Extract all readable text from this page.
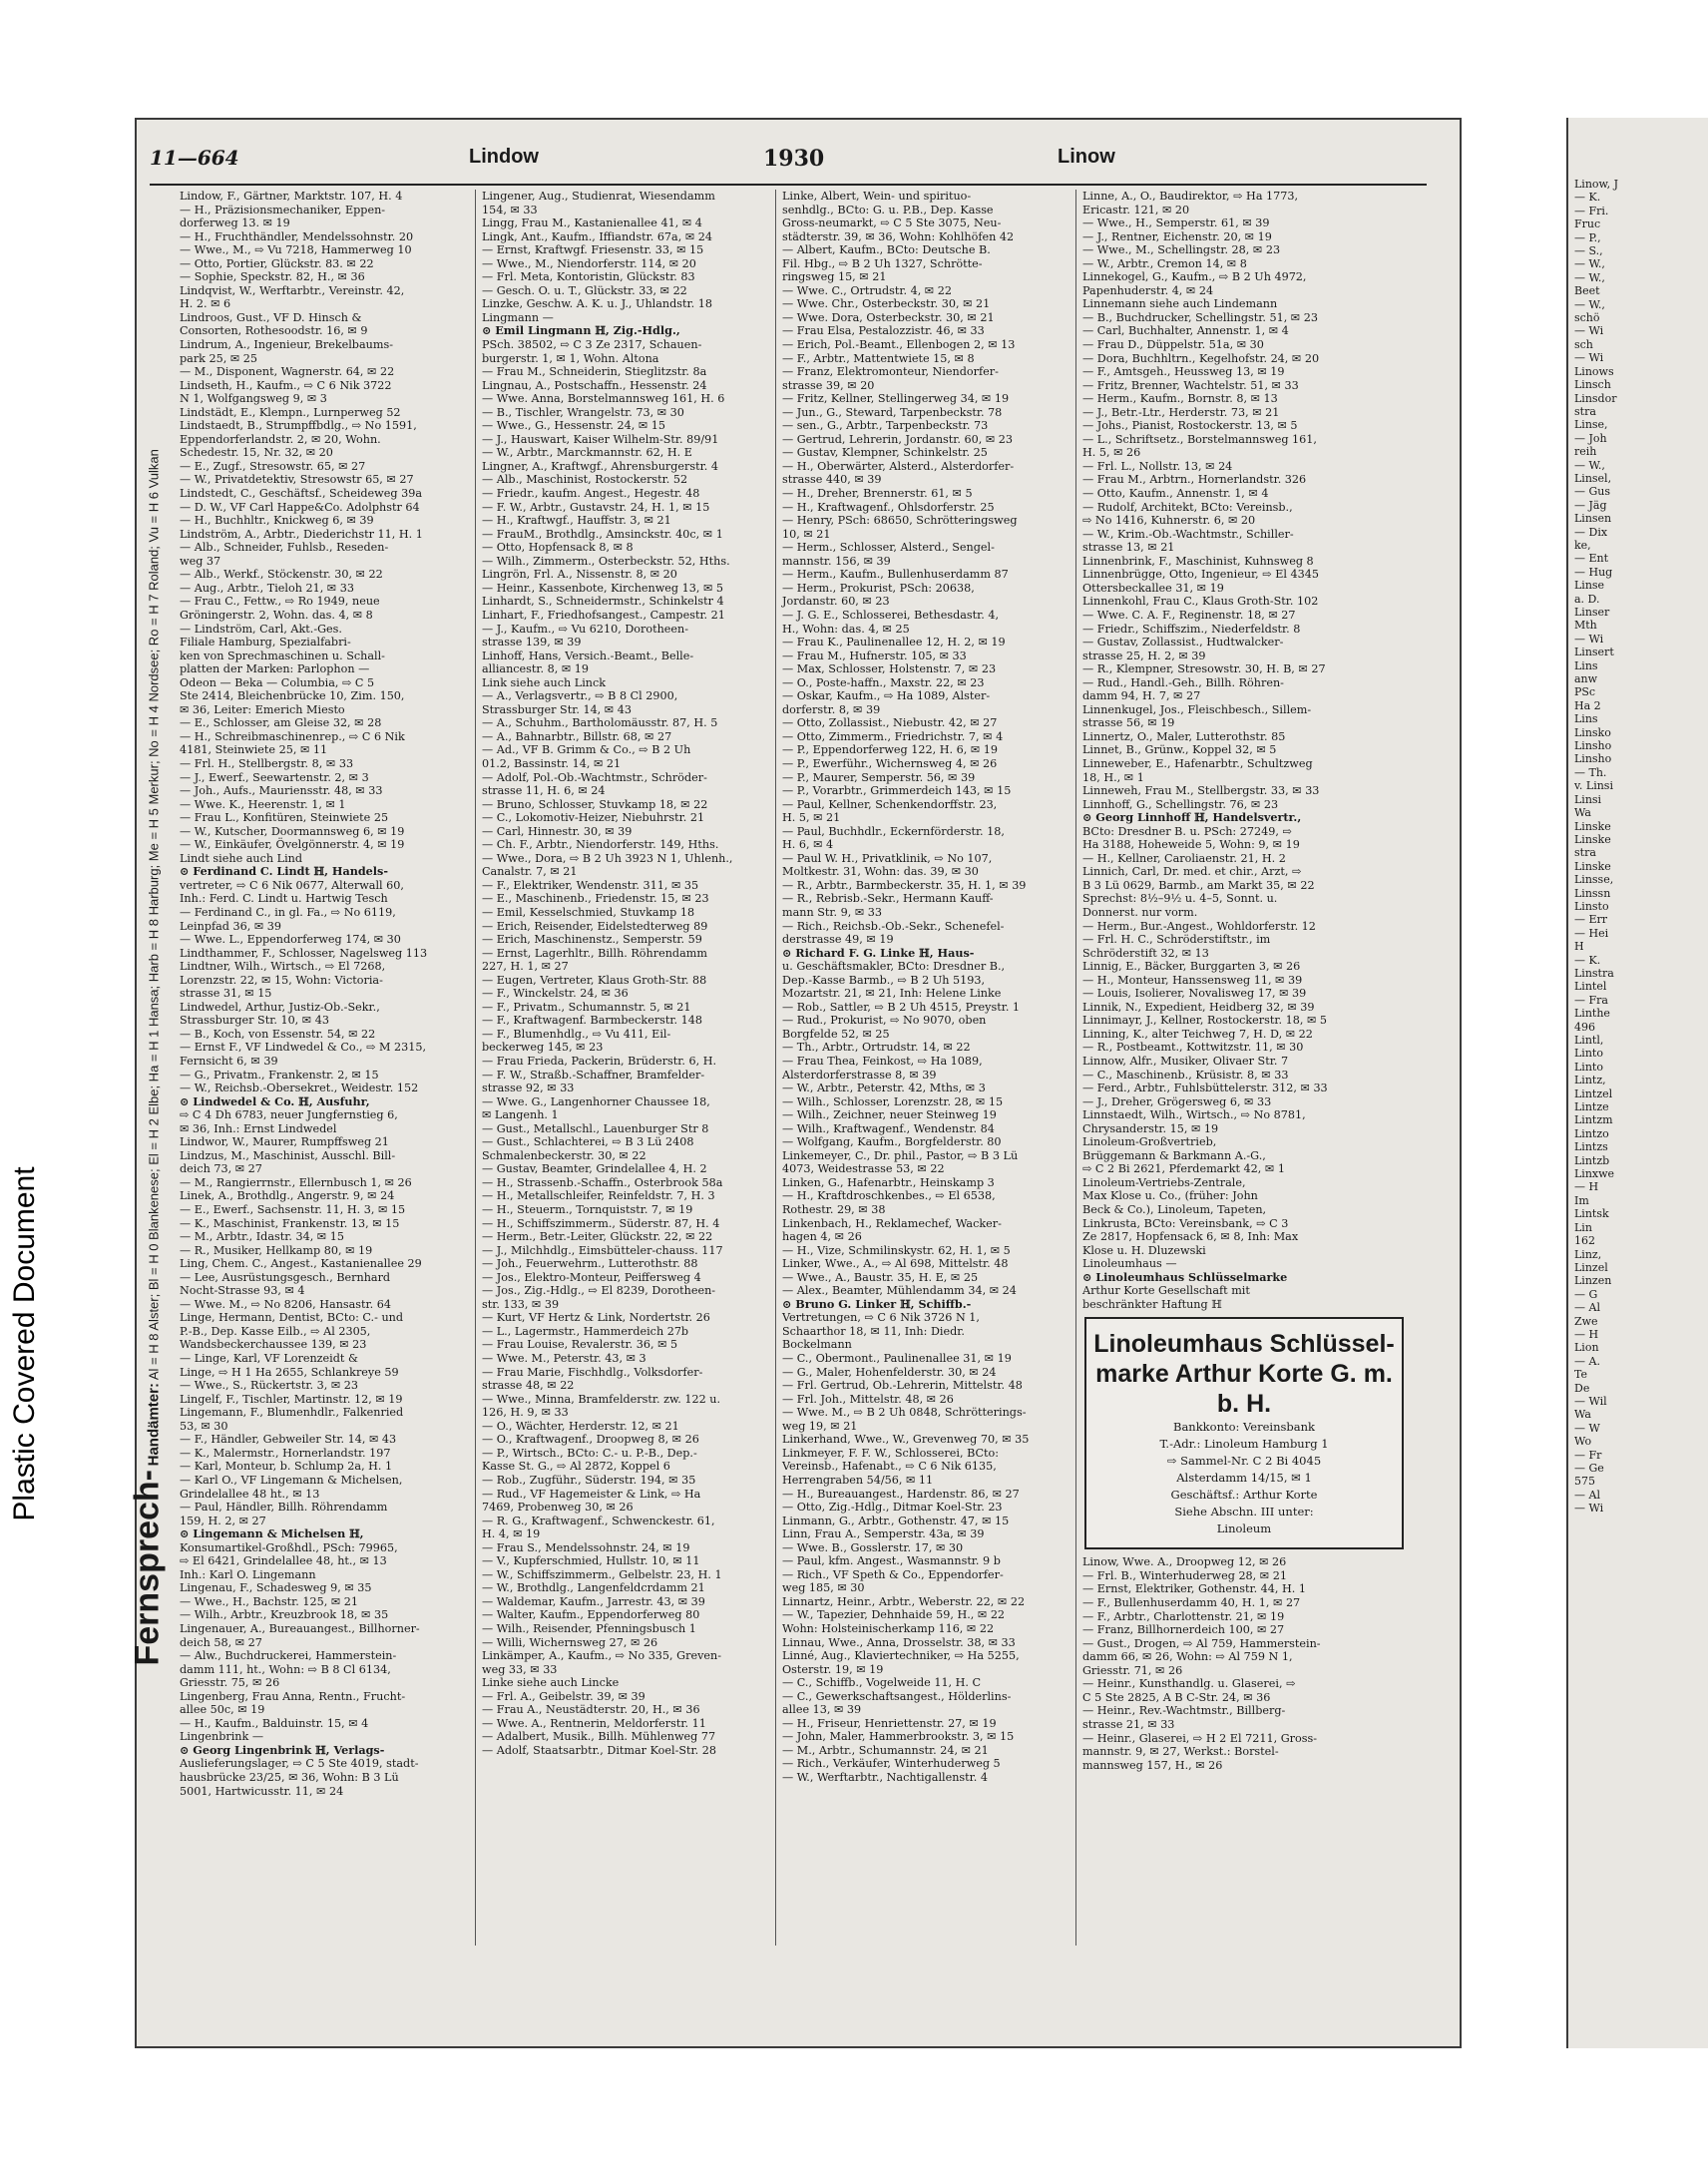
Linow, J
— K.
— Fri.
Fruc
— P.,
— S.,
— W.,
— W.,
Beet
— W.,
schö
— Wi
sch
— Wi
Linows
Linsch
Linsdor
stra
Linse,
— Joh
reih
— W.,
Linsel,
— Gus
— Jäg
Linsen
— Dix
ke,
— Ent
— Hug
Linse
a. D.
Linser
Mth
— Wi
Linsert
Lins
anw
PSc
Ha 2
Lins
Linsko
Linsho
Linsho
— Th.
v. Linsi
Linsi
Wa
Linske
Linske
stra
Linske
Linsse,
Linssn
Linsto
— Err
— Hei
H
— K.
Linstra
Lintel
— Fra
Linthe
496
Lintl,
Linto
Linto
Lintz,
Lintzel
Lintze
Lintzm
Lintzo
Lintzs
Lintzb
Linxwe
— H
Im
Lintsk
Lin
162
Linz,
Linzel
Linzen
— G
— Al
Zwe
— H
Lion
— A.
Te
De
— Wil
Wa
— W
Wo
— Fr
— Ge
575
— Al
— Wi
11—664	Lindow	1930	Linow
Fernsprech- Handämter: Al = H 8 Alster; Bl = H 0 Blankenese; El = H 2 Elbe; Ha = H 1 Hansa; Harb = H 8 Harburg; Me = H 5 Merkur; No = H 4 Nordsee; Ro = H 7 Roland; Vu = H 6 Vulkan
Lindow, F., Gärtner, Marktstr. 107, H. 4
— H., Präzisionsmechaniker, Eppen-
dorferweg 13. ✉ 19
— H., Fruchthändler, Mendelssohnstr. 20
— Wwe., M., ⇨ Vu 7218, Hammerweg 10
— Otto, Portier, Glückstr. 83. ✉ 22
— Sophie, Speckstr. 82, H., ✉ 36
Lindqvist, W., Werftarbtr., Vereinstr. 42,
H. 2. ✉ 6
Lindroos, Gust., VF D. Hinsch &
Consorten, Rothesoodstr. 16, ✉ 9
Lindrum, A., Ingenieur, Brekelbaums-
park 25, ✉ 25
— M., Disponent, Wagnerstr. 64, ✉ 22
Lindseth, H., Kaufm., ⇨ C 6 Nik 3722
N 1, Wolfgangsweg 9, ✉ 3
Lindstädt, E., Klempn., Lurnperweg 52
Lindstaedt, B., Strumpffbdlg., ⇨ No 1591,
Eppendorferlandstr. 2, ✉ 20, Wohn.
Schedestr. 15, Nr. 32, ✉ 20
— E., Zugf., Stresowstr. 65, ✉ 27
— W., Privatdetektiv, Stresowstr 65, ✉ 27
Lindstedt, C., Geschäftsf., Scheideweg 39a
— D. W., VF Carl Happe&Co. Adolphstr 64
— H., Buchhltr., Knickweg 6, ✉ 39
Lindström, A., Arbtr., Diederichstr 11, H. 1
— Alb., Schneider, Fuhlsb., Reseden-
weg 37
— Alb., Werkf., Stöckenstr. 30, ✉ 22
— Aug., Arbtr., Tieloh 21, ✉ 33
— Frau C., Fettw., ⇨ Ro 1949, neue
Gröningerstr. 2, Wohn. das. 4, ✉ 8
— Lindström, Carl, Akt.-Ges.
Filiale Hamburg, Spezialfabri-
ken von Sprechmaschinen u. Schall-
platten der Marken: Parlophon —
Odeon — Beka — Columbia, ⇨ C 5
Ste 2414, Bleichenbrücke 10, Zim. 150,
✉ 36, Leiter: Emerich Miesto
— E., Schlosser, am Gleise 32, ✉ 28
— H., Schreibmaschinenrep., ⇨ C 6 Nik
4181, Steinwiete 25, ✉ 11
— Frl. H., Stellbergstr. 8, ✉ 33
— J., Ewerf., Seewartenstr. 2, ✉ 3
— Joh., Aufs., Mauriensstr. 48, ✉ 33
— Wwe. K., Heerenstr. 1, ✉ 1
— Frau L., Konfitüren, Steinwiete 25
— W., Kutscher, Doormannsweg 6, ✉ 19
— W., Einkäufer, Övelgönnerstr. 4, ✉ 19
Lindt siehe auch Lind
⊙ Ferdinand C. Lindt ℍ, Handels-
vertreter, ⇨ C 6 Nik 0677, Alterwall 60,
Inh.: Ferd. C. Lindt u. Hartwig Tesch
— Ferdinand C., in gl. Fa., ⇨ No 6119,
Leinpfad 36, ✉ 39
— Wwe. L., Eppendorferweg 174, ✉ 30
Lindthammer, F., Schlosser, Nagelsweg 113
Lindtner, Wilh., Wirtsch., ⇨ El 7268,
Lorenzstr. 22, ✉ 15, Wohn: Victoria-
strasse 31, ✉ 15
Lindwedel, Arthur, Justiz-Ob.-Sekr.,
Strassburger Str. 10, ✉ 43
— B., Koch, von Essenstr. 54, ✉ 22
— Ernst F., VF Lindwedel & Co., ⇨ M 2315,
Fernsicht 6, ✉ 39
— G., Privatm., Frankenstr. 2, ✉ 15
— W., Reichsb.-Obersekret., Weidestr. 152
⊙ Lindwedel & Co. ℍ, Ausfuhr,
⇨ C 4 Dh 6783, neuer Jungfernstieg 6,
✉ 36, Inh.: Ernst Lindwedel
Lindwor, W., Maurer, Rumpffsweg 21
Lindzus, M., Maschinist, Ausschl. Bill-
deich 73, ✉ 27
— M., Rangierrnstr., Ellernbusch 1, ✉ 26
Linek, A., Brothdlg., Angerstr. 9, ✉ 24
— E., Ewerf., Sachsenstr. 11, H. 3, ✉ 15
— K., Maschinist, Frankenstr. 13, ✉ 15
— M., Arbtr., Idastr. 34, ✉ 15
— R., Musiker, Hellkamp 80, ✉ 19
Ling, Chem. C., Angest., Kastanienallee 29
— Lee, Ausrüstungsgesch., Bernhard
Nocht-Strasse 93, ✉ 4
— Wwe. M., ⇨ No 8206, Hansastr. 64
Linge, Hermann, Dentist, BCto: C.- und
P.-B., Dep. Kasse Eilb., ⇨ Al 2305,
Wandsbeckerchaussee 139, ✉ 23
— Linge, Karl, VF Lorenzeidt &
Linge, ⇨ H 1 Ha 2655, Schlankreye 59
— Wwe., S., Rückertstr. 3, ✉ 23
Lingelf, F., Tischler, Martinstr. 12, ✉ 19
Lingemann, F., Blumenhdlr., Falkenried
53, ✉ 30
— F., Händler, Gebweiler Str. 14, ✉ 43
— K., Malermstr., Hornerlandstr. 197
— Karl, Monteur, b. Schlump 2a, H. 1
— Karl O., VF Lingemann & Michelsen,
Grindelallee 48 ht., ✉ 13
— Paul, Händler, Billh. Röhrendamm
159, H. 2, ✉ 27
⊙ Lingemann & Michelsen ℍ,
Konsumartikel-Großhdl., PSch: 79965,
⇨ El 6421, Grindelallee 48, ht., ✉ 13
Inh.: Karl O. Lingemann
Lingenau, F., Schadesweg 9, ✉ 35
— Wwe., H., Bachstr. 125, ✉ 21
— Wilh., Arbtr., Kreuzbrook 18, ✉ 35
Lingenauer, A., Bureauangest., Billhorner-
deich 58, ✉ 27
— Alw., Buchdruckerei, Hammerstein-
damm 111, ht., Wohn: ⇨ B 8 Cl 6134,
Griesstr. 75, ✉ 26
Lingenberg, Frau Anna, Rentn., Frucht-
allee 50c, ✉ 19
— H., Kaufm., Balduinstr. 15, ✉ 4
Lingenbrink —
⊙ Georg Lingenbrink ℍ, Verlags-
Auslieferungslager, ⇨ C 5 Ste 4019, stadt-
hausbrücke 23/25, ✉ 36, Wohn: B 3 Lü
5001, Hartwicusstr. 11, ✉ 24
Lingener, Aug., Studienrat, Wiesendamm
154, ✉ 33
Lingg, Frau M., Kastanienallee 41, ✉ 4
Lingk, Ant., Kaufm., Iffiandstr. 67a, ✉ 24
— Ernst, Kraftwgf. Friesenstr. 33, ✉ 15
— Wwe., M., Niendorferstr. 114, ✉ 20
— Frl. Meta, Kontoristin, Glückstr. 83
— Gesch. O. u. T., Glückstr. 33, ✉ 22
Linzke, Geschw. A. K. u. J., Uhlandstr. 18
Lingmann —
⊙ Emil Lingmann ℍ, Zig.-Hdlg.,
PSch. 38502, ⇨ C 3 Ze 2317, Schauen-
burgerstr. 1, ✉ 1, Wohn. Altona
— Frau M., Schneiderin, Stieglitzstr. 8a
Lingnau, A., Postschaffn., Hessenstr. 24
— Wwe. Anna, Borstelmannsweg 161, H. 6
— B., Tischler, Wrangelstr. 73, ✉ 30
— Wwe., G., Hessenstr. 24, ✉ 15
— J., Hauswart, Kaiser Wilhelm-Str. 89/91
— W., Arbtr., Marckmannstr. 62, H. E
Lingner, A., Kraftwgf., Ahrensburgerstr. 4
— Alb., Maschinist, Rostockerstr. 52
— Friedr., kaufm. Angest., Hegestr. 48
— F. W., Arbtr., Gustavstr. 24, H. 1, ✉ 15
— H., Kraftwgf., Hauffstr. 3, ✉ 21
— FrauM., Brothdlg., Amsinckstr. 40c, ✉ 1
— Otto, Hopfensack 8, ✉ 8
— Wilh., Zimmerm., Osterbeckstr. 52, Hths.
Lingrön, Frl. A., Nissenstr. 8, ✉ 20
— Heinr., Kassenbote, Kirchenweg 13, ✉ 5
Linhardt, S., Schneidermstr., Schinkelstr 4
Linhart, F., Friedhofsangest., Campestr. 21
— J., Kaufm., ⇨ Vu 6210, Dorotheen-
strasse 139, ✉ 39
Linhoff, Hans, Versich.-Beamt., Belle-
alliancestr. 8, ✉ 19
Link siehe auch Linck
— A., Verlagsvertr., ⇨ B 8 Cl 2900,
Strassburger Str. 14, ✉ 43
— A., Schuhm., Bartholomäusstr. 87, H. 5
— A., Bahnarbtr., Billstr. 68, ✉ 27
— Ad., VF B. Grimm & Co., ⇨ B 2 Uh
01.2, Bassinstr. 14, ✉ 21
— Adolf, Pol.-Ob.-Wachtmstr., Schröder-
strasse 11, H. 6, ✉ 24
— Bruno, Schlosser, Stuvkamp 18, ✉ 22
— C., Lokomotiv-Heizer, Niebuhrstr. 21
— Carl, Hinnestr. 30, ✉ 39
— Ch. F., Arbtr., Niendorferstr. 149, Hths.
— Wwe., Dora, ⇨ B 2 Uh 3923 N 1, Uhlenh.,
Canalstr. 7, ✉ 21
— F., Elektriker, Wendenstr. 311, ✉ 35
— E., Maschinenb., Friedenstr. 15, ✉ 23
— Emil, Kesselschmied, Stuvkamp 18
— Erich, Reisender, Eidelstedterweg 89
— Erich, Maschinenstz., Semperstr. 59
— Ernst, Lagerhltr., Billh. Röhrendamm
227, H. 1, ✉ 27
— Eugen, Vertreter, Klaus Groth-Str. 88
— F., Winckelstr. 24, ✉ 36
— F., Privatm., Schumannstr. 5, ✉ 21
— F., Kraftwagenf. Barmbeckerstr. 148
— F., Blumenhdlg., ⇨ Vu 411, Eil-
beckerweg 145, ✉ 23
— Frau Frieda, Packerin, Brüderstr. 6, H.
— F. W., Straßb.-Schaffner, Bramfelder-
strasse 92, ✉ 33
— Wwe. G., Langenhorner Chaussee 18,
✉ Langenh. 1
— Gust., Metallschl., Lauenburger Str 8
— Gust., Schlachterei, ⇨ B 3 Lü 2408
Schmalenbeckerstr. 30, ✉ 22
— Gustav, Beamter, Grindelallee 4, H. 2
— H., Strassenb.-Schaffn., Osterbrook 58a
— H., Metallschleifer, Reinfeldstr. 7, H. 3
— H., Steuerm., Tornquiststr. 7, ✉ 19
— H., Schiffszimmerm., Süderstr. 87, H. 4
— Herm., Betr.-Leiter, Glückstr. 22, ✉ 22
— J., Milchhdlg., Eimsbütteler-chauss. 117
— Joh., Feuerwehrm., Lutterothstr. 88
— Jos., Elektro-Monteur, Peiffersweg 4
— Jos., Zig.-Hdlg., ⇨ El 8239, Dorotheen-
str. 133, ✉ 39
— Kurt, VF Hertz & Link, Nordertstr. 26
— L., Lagermstr., Hammerdeich 27b
— Frau Louise, Revalerstr. 36, ✉ 5
— Wwe. M., Peterstr. 43, ✉ 3
— Frau Marie, Fischhdlg., Volksdorfer-
strasse 48, ✉ 22
— Wwe., Minna, Bramfelderstr. zw. 122 u.
126, H. 9, ✉ 33
— O., Wächter, Herderstr. 12, ✉ 21
— O., Kraftwagenf., Droopweg 8, ✉ 26
— P., Wirtsch., BCto: C.- u. P.-B., Dep.-
Kasse St. G., ⇨ Al 2872, Koppel 6
— Rob., Zugführ., Süderstr. 194, ✉ 35
— Rud., VF Hagemeister & Link, ⇨ Ha
7469, Probenweg 30, ✉ 26
— R. G., Kraftwagenf., Schwenckestr. 61,
H. 4, ✉ 19
— Frau S., Mendelssohnstr. 24, ✉ 19
— V., Kupferschmied, Hullstr. 10, ✉ 11
— W., Schiffszimmerm., Gelbelstr. 23, H. 1
— W., Brothdlg., Langenfeldcrdamm 21
— Waldemar, Kaufm., Jarrestr. 43, ✉ 39
— Walter, Kaufm., Eppendorferweg 80
— Wilh., Reisender, Pfenningsbusch 1
— Willi, Wichernsweg 27, ✉ 26
Linkämper, A., Kaufm., ⇨ No 335, Greven-
weg 33, ✉ 33
Linke siehe auch Lincke
— Frl. A., Geibelstr. 39, ✉ 39
— Frau A., Neustädterstr. 20, H., ✉ 36
— Wwe. A., Rentnerin, Meldorferstr. 11
— Adalbert, Musik., Billh. Mühlenweg 77
— Adolf, Staatsarbtr., Ditmar Koel-Str. 28
Linke, Albert, Wein- und spirituo-
senhdlg., BCto: G. u. P.B., Dep. Kasse
Gross-neumarkt, ⇨ C 5 Ste 3075, Neu-
städterstr. 39, ✉ 36, Wohn: Kohlhöfen 42
— Albert, Kaufm., BCto: Deutsche B.
Fil. Hbg., ⇨ B 2 Uh 1327, Schrötte-
ringsweg 15, ✉ 21
— Wwe. C., Ortrudstr. 4, ✉ 22
— Wwe. Chr., Osterbeckstr. 30, ✉ 21
— Wwe. Dora, Osterbeckstr. 30, ✉ 21
— Frau Elsa, Pestalozzistr. 46, ✉ 33
— Erich, Pol.-Beamt., Ellenbogen 2, ✉ 13
— F., Arbtr., Mattentwiete 15, ✉ 8
— Franz, Elektromonteur, Niendorfer-
strasse 39, ✉ 20
— Fritz, Kellner, Stellingerweg 34, ✉ 19
— Jun., G., Steward, Tarpenbeckstr. 78
— sen., G., Arbtr., Tarpenbeckstr. 73
— Gertrud, Lehrerin, Jordanstr. 60, ✉ 23
— Gustav, Klempner, Schinkelstr. 25
— H., Oberwärter, Alsterd., Alsterdorfer-
strasse 440, ✉ 39
— H., Dreher, Brennerstr. 61, ✉ 5
— H., Kraftwagenf., Ohlsdorferstr. 25
— Henry, PSch: 68650, Schrötteringsweg
10, ✉ 21
— Herm., Schlosser, Alsterd., Sengel-
mannstr. 156, ✉ 39
— Herm., Kaufm., Bullenhuserdamm 87
— Herm., Prokurist, PSch: 20638,
Jordanstr. 60, ✉ 23
— J. G. E., Schlosserei, Bethesdastr. 4,
H., Wohn: das. 4, ✉ 25
— Frau K., Paulinenallee 12, H. 2, ✉ 19
— Frau M., Hufnerstr. 105, ✉ 33
— Max, Schlosser, Holstenstr. 7, ✉ 23
— O., Poste-haffn., Maxstr. 22, ✉ 23
— Oskar, Kaufm., ⇨ Ha 1089, Alster-
dorferstr. 8, ✉ 39
— Otto, Zollassist., Niebustr. 42, ✉ 27
— Otto, Zimmerm., Friedrichstr. 7, ✉ 4
— P., Eppendorferweg 122, H. 6, ✉ 19
— P., Ewerführ., Wichernsweg 4, ✉ 26
— P., Maurer, Semperstr. 56, ✉ 39
— P., Vorarbtr., Grimmerdeich 143, ✉ 15
— Paul, Kellner, Schenkendorffstr. 23,
H. 5, ✉ 21
— Paul, Buchhdlr., Eckernförderstr. 18,
H. 6, ✉ 4
— Paul W. H., Privatklinik, ⇨ No 107,
Moltkestr. 31, Wohn: das. 39, ✉ 30
— R., Arbtr., Barmbeckerstr. 35, H. 1, ✉ 39
— R., Rebrisb.-Sekr., Hermann Kauff-
mann Str. 9, ✉ 33
— Rich., Reichsb.-Ob.-Sekr., Schenefel-
derstrasse 49, ✉ 19
⊙ Richard F. G. Linke ℍ, Haus-
u. Geschäftsmakler, BCto: Dresdner B.,
Dep.-Kasse Barmb., ⇨ B 2 Uh 5193,
Mozartstr. 21, ✉ 21, Inh: Helene Linke
— Rob., Sattler, ⇨ B 2 Uh 4515, Preystr. 1
— Rud., Prokurist, ⇨ No 9070, oben
Borgfelde 52, ✉ 25
— Th., Arbtr., Ortrudstr. 14, ✉ 22
— Frau Thea, Feinkost, ⇨ Ha 1089,
Alsterdorferstrasse 8, ✉ 39
— W., Arbtr., Peterstr. 42, Mths, ✉ 3
— Wilh., Schlosser, Lorenzstr. 28, ✉ 15
— Wilh., Zeichner, neuer Steinweg 19
— Wilh., Kraftwagenf., Wendenstr. 84
— Wolfgang, Kaufm., Borgfelderstr. 80
Linkemeyer, C., Dr. phil., Pastor, ⇨ B 3 Lü
4073, Weidestrasse 53, ✉ 22
Linken, G., Hafenarbtr., Heinskamp 3
— H., Kraftdroschkenbes., ⇨ El 6538,
Rothestr. 29, ✉ 38
Linkenbach, H., Reklamechef, Wacker-
hagen 4, ✉ 26
— H., Vize, Schmilinskystr. 62, H. 1, ✉ 5
Linker, Wwe., A., ⇨ Al 698, Mittelstr. 48
— Wwe., A., Baustr. 35, H. E, ✉ 25
— Alex., Beamter, Mühlendamm 34, ✉ 24
⊙ Bruno G. Linker ℍ, Schiffb.-
Vertretungen, ⇨ C 6 Nik 3726 N 1,
Schaarthor 18, ✉ 11, Inh: Diedr.
Bockelmann
— C., Obermont., Paulinenallee 31, ✉ 19
— G., Maler, Hohenfelderstr. 30, ✉ 24
— Frl. Gertrud, Ob.-Lehrerin, Mittelstr. 48
— Frl. Joh., Mittelstr. 48, ✉ 26
— Wwe. M., ⇨ B 2 Uh 0848, Schrötterings-
weg 19, ✉ 21
Linkerhand, Wwe., W., Grevenweg 70, ✉ 35
Linkmeyer, F. F. W., Schlosserei, BCto:
Vereinsb., Hafenabt., ⇨ C 6 Nik 6135,
Herrengraben 54/56, ✉ 11
— H., Bureauangest., Hardenstr. 86, ✉ 27
— Otto, Zig.-Hdlg., Ditmar Koel-Str. 23
Linmann, G., Arbtr., Gothenstr. 47, ✉ 15
Linn, Frau A., Semperstr. 43a, ✉ 39
— Wwe. B., Gosslerstr. 17, ✉ 30
— Paul, kfm. Angest., Wasmannstr. 9 b
— Rich., VF Speth & Co., Eppendorfer-
weg 185, ✉ 30
Linnartz, Heinr., Arbtr., Weberstr. 22, ✉ 22
— W., Tapezier, Dehnhaide 59, H., ✉ 22
Wohn: Holsteinischerkamp 116, ✉ 22
Linnau, Wwe., Anna, Drosselstr. 38, ✉ 33
Linné, Aug., Klaviertechniker, ⇨ Ha 5255,
Osterstr. 19, ✉ 19
— C., Schiffb., Vogelweide 11, H. C
— C., Gewerkschaftsangest., Hölderlins-
allee 13, ✉ 39
— H., Friseur, Henriettenstr. 27, ✉ 19
— John, Maler, Hammerbrookstr. 3, ✉ 15
— M., Arbtr., Schumannstr. 24, ✉ 21
— Rich., Verkäufer, Winterhuderweg 5
— W., Werftarbtr., Nachtigallenstr. 4
Linne, A., O., Baudirektor, ⇨ Ha 1773,
Ericastr. 121, ✉ 20
— Wwe., H., Semperstr. 61, ✉ 39
— J., Rentner, Eichenstr. 20, ✉ 19
— Wwe., M., Schellingstr. 28, ✉ 23
— W., Arbtr., Cremon 14, ✉ 8
Linnekogel, G., Kaufm., ⇨ B 2 Uh 4972,
Papenhuderstr. 4, ✉ 24
Linnemann siehe auch Lindemann
— B., Buchdrucker, Schellingstr. 51, ✉ 23
— Carl, Buchhalter, Annenstr. 1, ✉ 4
— Frau D., Düppelstr. 51a, ✉ 30
— Dora, Buchhltrn., Kegelhofstr. 24, ✉ 20
— F., Amtsgeh., Heussweg 13, ✉ 19
— Fritz, Brenner, Wachtelstr. 51, ✉ 33
— Herm., Kaufm., Bornstr. 8, ✉ 13
— J., Betr.-Ltr., Herderstr. 73, ✉ 21
— Johs., Pianist, Rostockerstr. 13, ✉ 5
— L., Schriftsetz., Borstelmannsweg 161,
H. 5, ✉ 26
— Frl. L., Nollstr. 13, ✉ 24
— Frau M., Arbtrn., Hornerlandstr. 326
— Otto, Kaufm., Annenstr. 1, ✉ 4
— Rudolf, Architekt, BCto: Vereinsb.,
⇨ No 1416, Kuhnerstr. 6, ✉ 20
— W., Krim.-Ob.-Wachtmstr., Schiller-
strasse 13, ✉ 21
Linnenbrink, F., Maschinist, Kuhnsweg 8
Linnenbrügge, Otto, Ingenieur, ⇨ El 4345
Ottersbeckallee 31, ✉ 19
Linnenkohl, Frau C., Klaus Groth-Str. 102
— Wwe. C. A. F., Reginenstr. 18, ✉ 27
— Friedr., Schiffszim., Niederfeldstr. 8
— Gustav, Zollassist., Hudtwalcker-
strasse 25, H. 2, ✉ 39
— R., Klempner, Stresowstr. 30, H. B, ✉ 27
— Rud., Handl.-Geh., Billh. Röhren-
damm 94, H. 7, ✉ 27
Linnenkugel, Jos., Fleischbesch., Sillem-
strasse 56, ✉ 19
Linnertz, O., Maler, Lutterothstr. 85
Linnet, B., Grünw., Koppel 32, ✉ 5
Linneweber, E., Hafenarbtr., Schultzweg
18, H., ✉ 1
Linneweh, Frau M., Stellbergstr. 33, ✉ 33
Linnhoff, G., Schellingstr. 76, ✉ 23
⊙ Georg Linnhoff ℍ, Handelsvertr.,
BCto: Dresdner B. u. PSch: 27249, ⇨
Ha 3188, Hoheweide 5, Wohn: 9, ✉ 19
— H., Kellner, Caroliaenstr. 21, H. 2
Linnich, Carl, Dr. med. et chir., Arzt, ⇨
B 3 Lü 0629, Barmb., am Markt 35, ✉ 22
Sprechst: 8½–9½ u. 4–5, Sonnt. u.
Donnerst. nur vorm.
— Herm., Bur.-Angest., Wohldorferstr. 12
— Frl. H. C., Schröderstiftstr., im
Schröderstift 32, ✉ 13
Linnig, E., Bäcker, Burggarten 3, ✉ 26
— H., Monteur, Hanssensweg 11, ✉ 39
— Louis, Isolierer, Novalisweg 17, ✉ 39
Linnik, N., Expedient, Heidberg 32, ✉ 39
Linnimayr, J., Kellner, Rostockerstr. 18, ✉ 5
Linning, K., alter Teichweg 7, H. D, ✉ 22
— R., Postbeamt., Kottwitzstr. 11, ✉ 30
Linnow, Alfr., Musiker, Olivaer Str. 7
— C., Maschinenb., Krüsistr. 8, ✉ 33
— Ferd., Arbtr., Fuhlsbüttelerstr. 312, ✉ 33
— J., Dreher, Grögersweg 6, ✉ 33
Linnstaedt, Wilh., Wirtsch., ⇨ No 8781,
Chrysanderstr. 15, ✉ 19
Linoleum-Großvertrieb,
Brüggemann & Barkmann A.-G.,
⇨ C 2 Bi 2621, Pferdemarkt 42, ✉ 1
Linoleum-Vertriebs-Zentrale,
Max Klose u. Co., (früher: John
Beck & Co.), Linoleum, Tapeten,
Linkrusta, BCto: Vereinsbank, ⇨ C 3
Ze 2817, Hopfensack 6, ✉ 8, Inh: Max
Klose u. H. Dluzewski
Linoleumhaus —
⊙ Linoleumhaus Schlüsselmarke
Arthur Korte Gesellschaft mit
beschränkter Haftung ℍ
Linoleumhaus Schlüssel-marke Arthur Korte G. m. b. H.
Bankkonto: Vereinsbank
T.-Adr.: Linoleum Hamburg 1
⇨ Sammel-Nr. C 2 Bi 4045
Alsterdamm 14/15, ✉ 1
Geschäftsf.: Arthur Korte
Siehe Abschn. III unter:
Linoleum
Linow, Wwe. A., Droopweg 12, ✉ 26
— Frl. B., Winterhuderweg 28, ✉ 21
— Ernst, Elektriker, Gothenstr. 44, H. 1
— F., Bullenhuserdamm 40, H. 1, ✉ 27
— F., Arbtr., Charlottenstr. 21, ✉ 19
— Franz, Billhornerdeich 100, ✉ 27
— Gust., Drogen, ⇨ Al 759, Hammerstein-
damm 66, ✉ 26, Wohn: ⇨ Al 759 N 1,
Griesstr. 71, ✉ 26
— Heinr., Kunsthandlg. u. Glaserei, ⇨
C 5 Ste 2825, A B C-Str. 24, ✉ 36
— Heinr., Rev.-Wachtmstr., Billberg-
strasse 21, ✉ 33
— Heinr., Glaserei, ⇨ H 2 El 7211, Gross-
mannstr. 9, ✉ 27, Werkst.: Borstel-
mannsweg 157, H., ✉ 26
Plastic Covered Document
